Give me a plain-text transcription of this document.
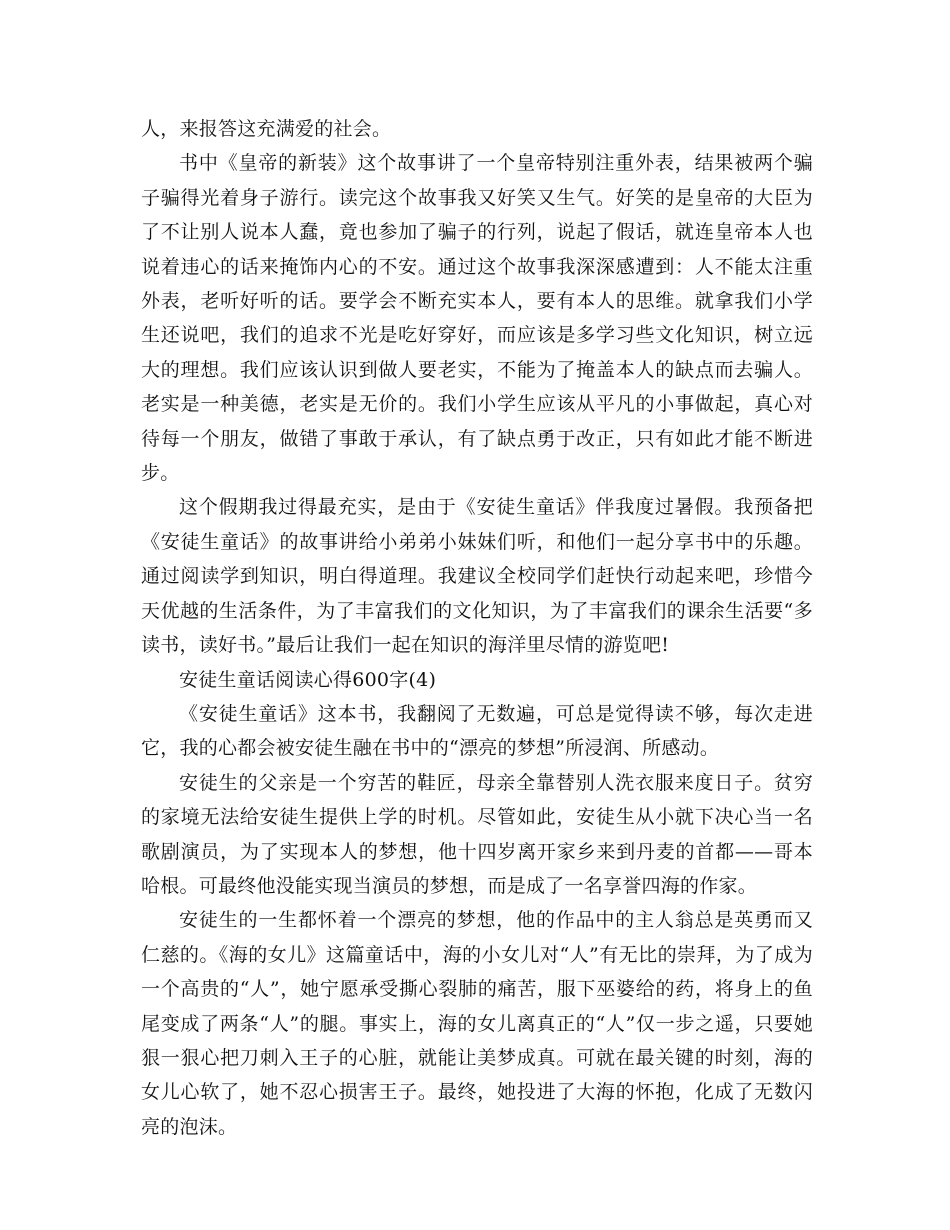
人，来报答这充满爱的社会。

书中《皇帝的新装》这个故事讲了一个皇帝特别注重外表，结果被两个骗子骗得光着身子游行。读完这个故事我又好笑又生气。好笑的是皇帝的大臣为了不让别人说本人蠢，竟也参加了骗子的行列，说起了假话，就连皇帝本人也说着违心的话来掩饰内心的不安。通过这个故事我深深感遭到：人不能太注重外表，老听好听的话。要学会不断充实本人，要有本人的思维。就拿我们小学生还说吧，我们的追求不光是吃好穿好，而应该是多学习些文化知识，树立远大的理想。我们应该认识到做人要老实，不能为了掩盖本人的缺点而去骗人。老实是一种美德，老实是无价的。我们小学生应该从平凡的小事做起，真心对待每一个朋友，做错了事敢于承认，有了缺点勇于改正，只有如此才能不断进步。

这个假期我过得最充实，是由于《安徒生童话》伴我度过暑假。我预备把《安徒生童话》的故事讲给小弟弟小妹妹们听，和他们一起分享书中的乐趣。通过阅读学到知识，明白得道理。我建议全校同学们赶快行动起来吧，珍惜今天优越的生活条件，为了丰富我们的文化知识，为了丰富我们的课余生活要“多读书，读好书。”最后让我们一起在知识的海洋里尽情的游览吧!

安徒生童话阅读心得600字(4)

《安徒生童话》这本书，我翻阅了无数遍，可总是觉得读不够，每次走进它，我的心都会被安徒生融在书中的“漂亮的梦想”所浸润、所感动。

安徒生的父亲是一个穷苦的鞋匠，母亲全靠替别人洗衣服来度日子。贫穷的家境无法给安徒生提供上学的时机。尽管如此，安徒生从小就下决心当一名歌剧演员，为了实现本人的梦想，他十四岁离开家乡来到丹麦的首都——哥本哈根。可最终他没能实现当演员的梦想，而是成了一名享誉四海的作家。

安徒生的一生都怀着一个漂亮的梦想，他的作品中的主人翁总是英勇而又仁慈的。《海的女儿》这篇童话中，海的小女儿对“人”有无比的崇拜，为了成为一个高贵的“人”，她宁愿承受撕心裂肺的痛苦，服下巫婆给的药，将身上的鱼尾变成了两条“人”的腿。事实上，海的女儿离真正的“人”仅一步之遥，只要她狠一狠心把刀刺入王子的心脏，就能让美梦成真。可就在最关键的时刻，海的女儿心软了，她不忍心损害王子。最终，她投进了大海的怀抱，化成了无数闪亮的泡沫。
